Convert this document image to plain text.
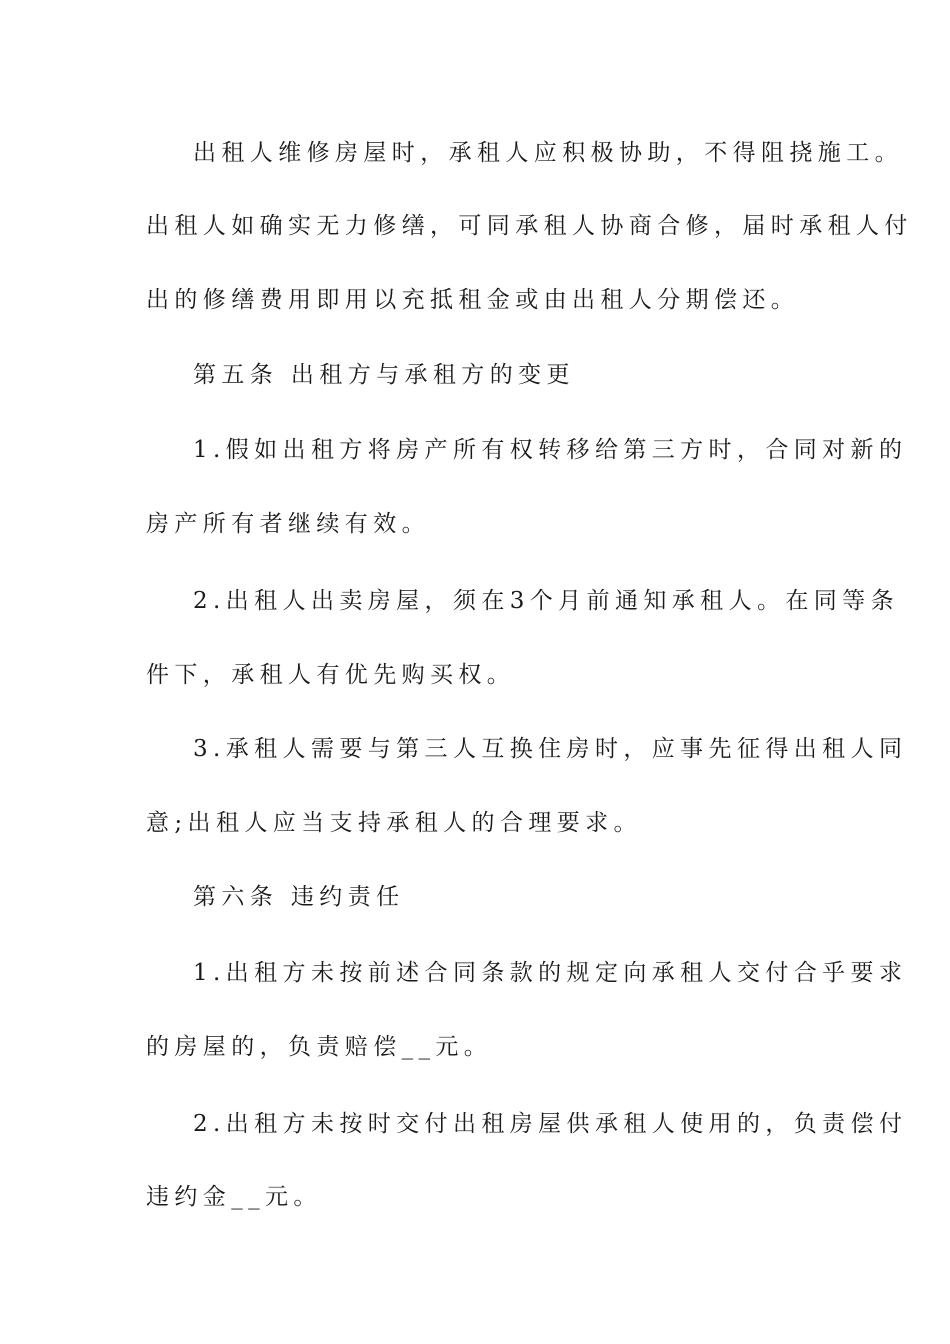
出租人维修房屋时，承租人应积极协助，不得阻挠施工。
出租人如确实无力修缮，可同承租人协商合修，届时承租人付
出的修缮费用即用以充抵租金或由出租人分期偿还。
第五条 出租方与承租方的变更
1.假如出租方将房产所有权转移给第三方时，合同对新的
房产所有者继续有效。
2.出租人出卖房屋，须在3个月前通知承租人。在同等条
件下，承租人有优先购买权。
3.承租人需要与第三人互换住房时，应事先征得出租人同
意;出租人应当支持承租人的合理要求。
第六条 违约责任
1.出租方未按前述合同条款的规定向承租人交付合乎要求
的房屋的，负责赔偿__元。
2.出租方未按时交付出租房屋供承租人使用的，负责偿付
违约金__元。
